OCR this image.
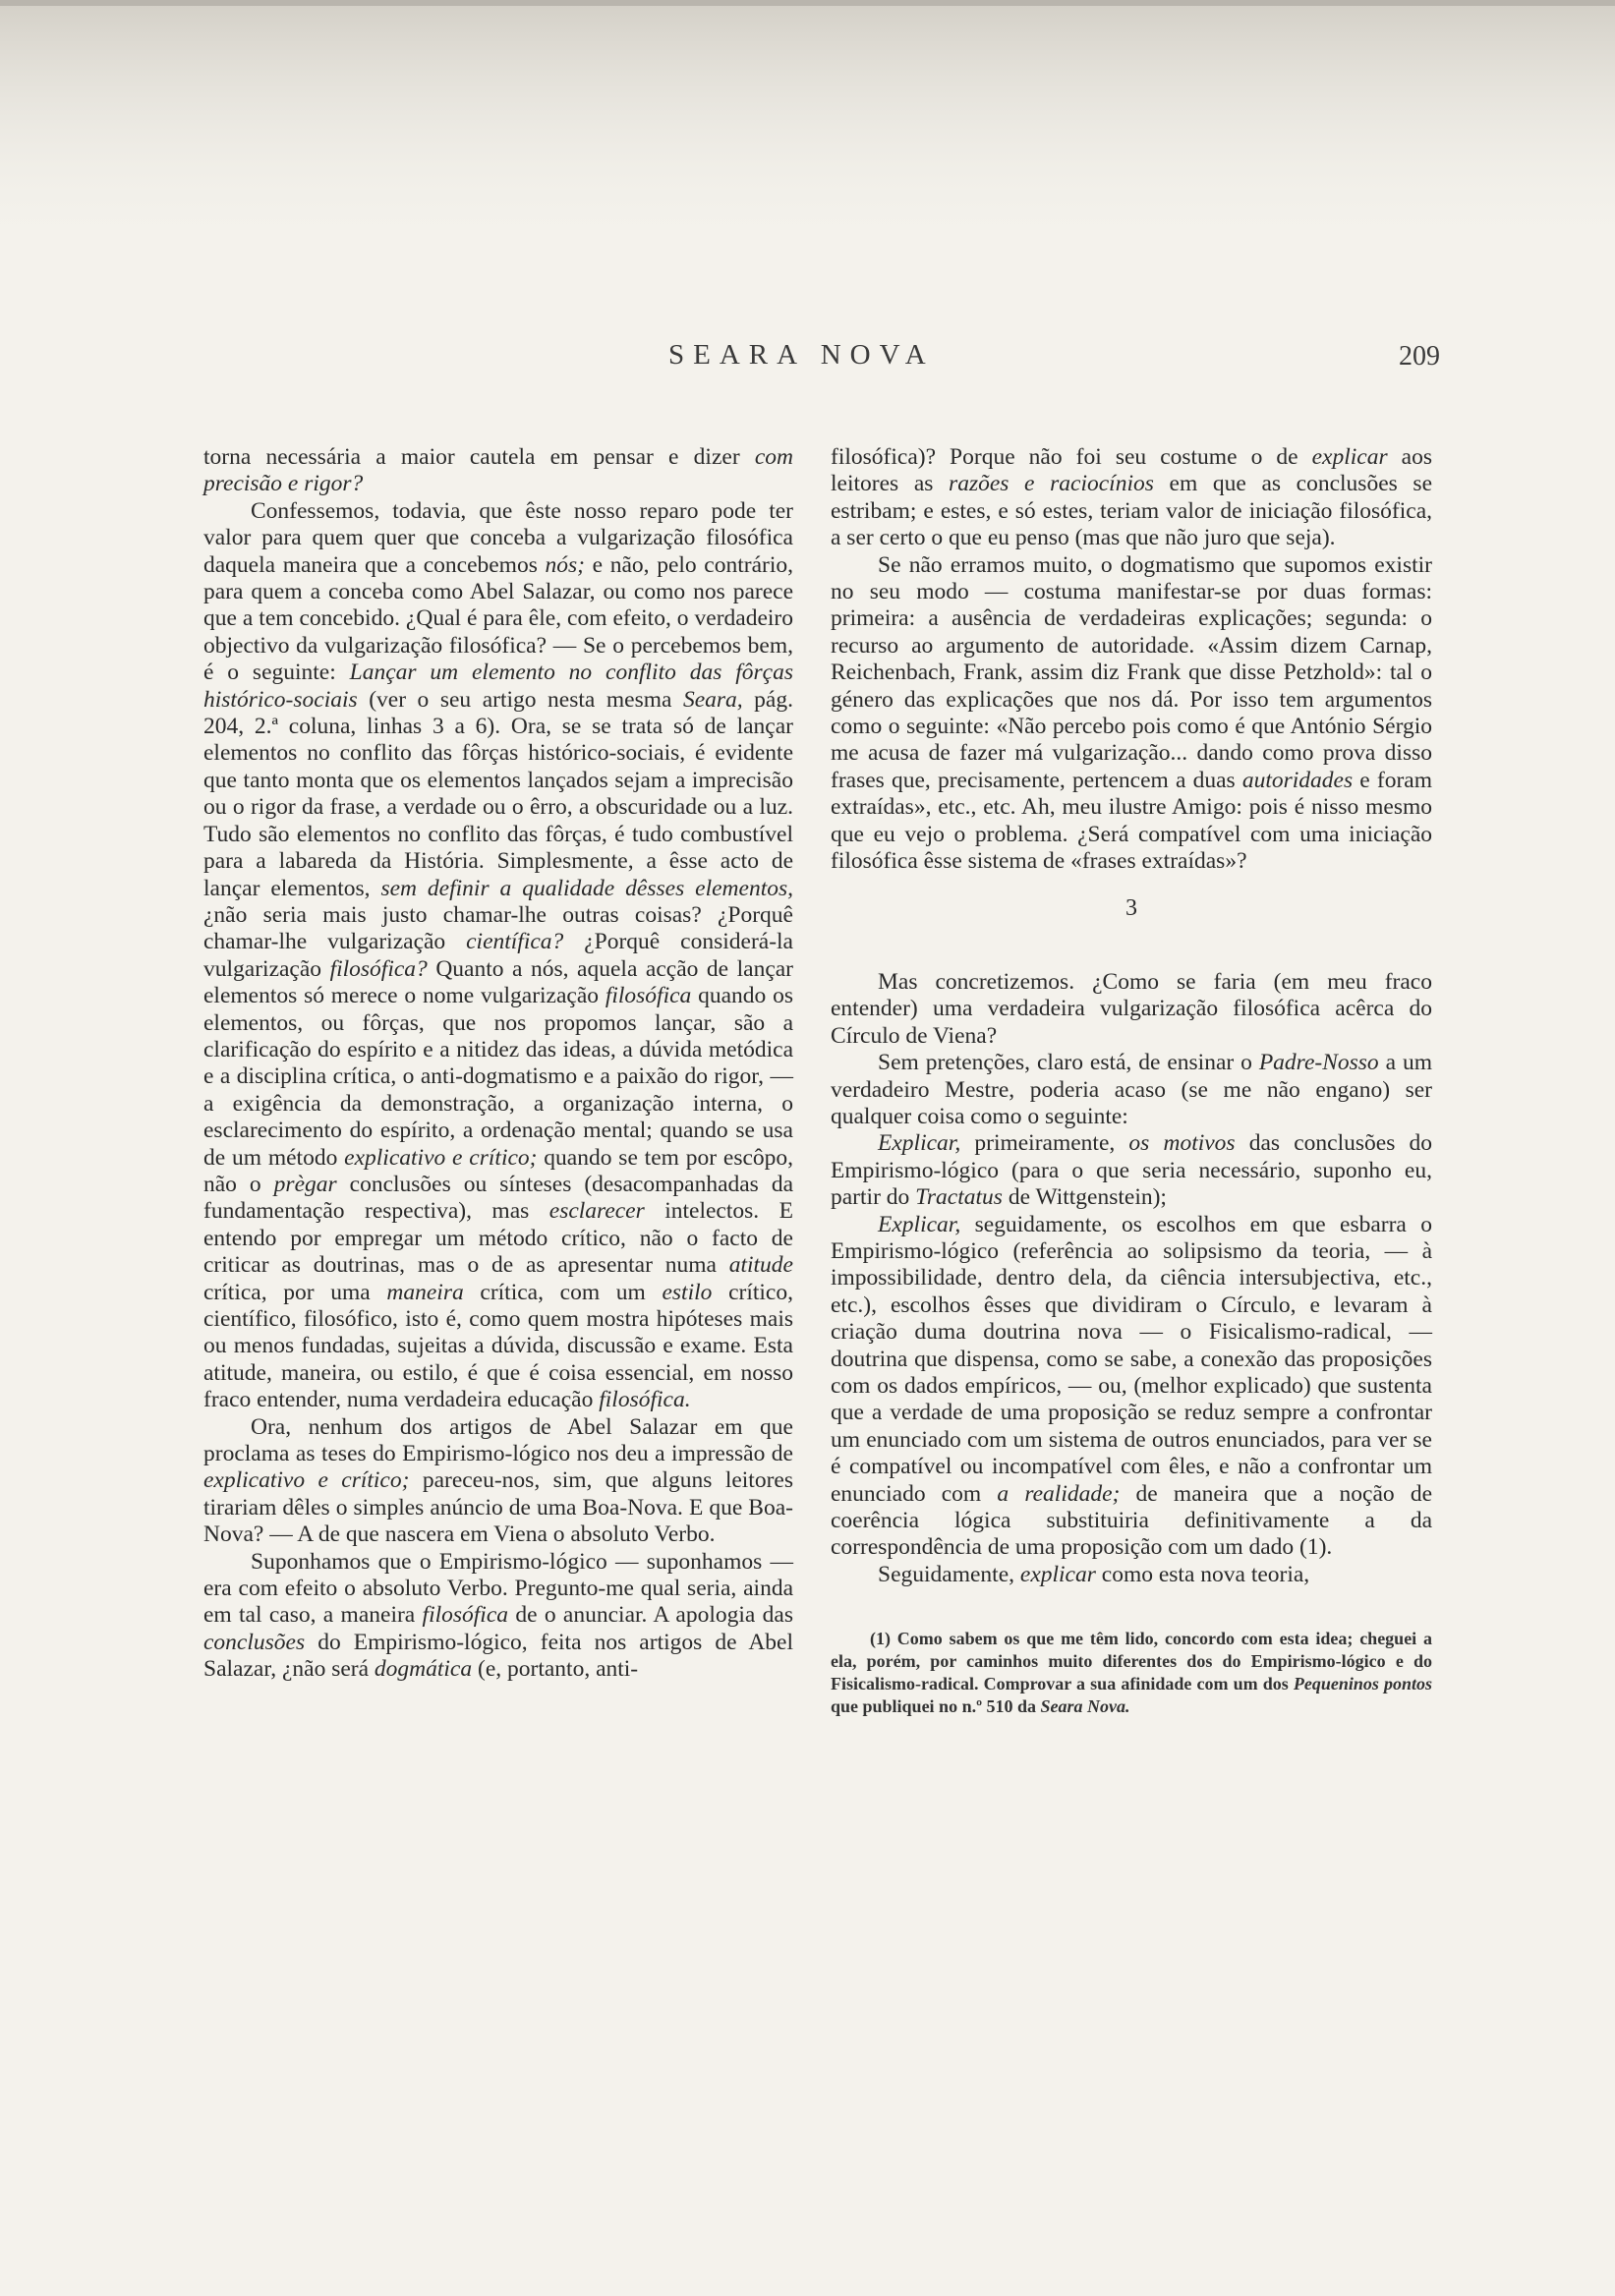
SEARA NOVA	209

torna necessária a maior cautela em pensar e dizer com precisão e rigor?

Confessemos, todavia, que êste nosso reparo pode ter valor para quem quer que conceba a vulgarização filosófica daquela maneira que a concebemos nós; e não, pelo contrário, para quem a conceba como Abel Salazar, ou como nos parece que a tem concebido. ¿Qual é para êle, com efeito, o verdadeiro objectivo da vulgarização filosófica? — Se o percebemos bem, é o seguinte: Lançar um elemento no conflito das fôrças histórico-sociais (ver o seu artigo nesta mesma Seara, pág. 204, 2.ª coluna, linhas 3 a 6). Ora, se se trata só de lançar elementos no conflito das fôrças histórico-sociais, é evidente que tanto monta que os elementos lançados sejam a imprecisão ou o rigor da frase, a verdade ou o êrro, a obscuridade ou a luz. Tudo são elementos no conflito das fôrças, é tudo combustível para a labareda da História. Simplesmente, a êsse acto de lançar elementos, sem definir a qualidade dêsses elementos, ¿não seria mais justo chamar-lhe outras coisas? ¿Porquê chamar-lhe vulgarização científica? ¿Porquê considerá-la vulgarização filosófica? Quanto a nós, aquela acção de lançar elementos só merece o nome vulgarização filosófica quando os elementos, ou fôrças, que nos propomos lançar, são a clarificação do espírito e a nitidez das ideas, a dúvida metódica e a disciplina crítica, o anti-dogmatismo e a paixão do rigor, — a exigência da demonstração, a organização interna, o esclarecimento do espírito, a ordenação mental; quando se usa de um método explicativo e crítico; quando se tem por escôpo, não o prègar conclusões ou sínteses (desacompanhadas da fundamentação respectiva), mas esclarecer intelectos. E entendo por empregar um método crítico, não o facto de criticar as doutrinas, mas o de as apresentar numa atitude crítica, por uma maneira crítica, com um estilo crítico, científico, filosófico, isto é, como quem mostra hipóteses mais ou menos fundadas, sujeitas a dúvida, discussão e exame. Esta atitude, maneira, ou estilo, é que é coisa essencial, em nosso fraco entender, numa verdadeira educação filosófica.

Ora, nenhum dos artigos de Abel Salazar em que proclama as teses do Empirismo-lógico nos deu a impressão de explicativo e crítico; pareceu-nos, sim, que alguns leitores tirariam dêles o simples anúncio de uma Boa-Nova. E que Boa-Nova? — A de que nascera em Viena o absoluto Verbo.

Suponhamos que o Empirismo-lógico — suponhamos — era com efeito o absoluto Verbo. Pregunto-me qual seria, ainda em tal caso, a maneira filosófica de o anunciar. A apologia das conclusões do Empirismo-lógico, feita nos artigos de Abel Salazar, ¿não será dogmática (e, portanto, anti-

filosófica)? Porque não foi seu costume o de explicar aos leitores as razões e raciocínios em que as conclusões se estribam; e estes, e só estes, teriam valor de iniciação filosófica, a ser certo o que eu penso (mas que não juro que seja).

Se não erramos muito, o dogmatismo que supomos existir no seu modo — costuma manifestar-se por duas formas: primeira: a ausência de verdadeiras explicações; segunda: o recurso ao argumento de autoridade. «Assim dizem Carnap, Reichenbach, Frank, assim diz Frank que disse Petzhold»: tal o género das explicações que nos dá. Por isso tem argumentos como o seguinte: «Não percebo pois como é que António Sérgio me acusa de fazer má vulgarização... dando como prova disso frases que, precisamente, pertencem a duas autoridades e foram extraídas», etc., etc. Ah, meu ilustre Amigo: pois é nisso mesmo que eu vejo o problema. ¿Será compatível com uma iniciação filosófica êsse sistema de «frases extraídas»?

3

Mas concretizemos. ¿Como se faria (em meu fraco entender) uma verdadeira vulgarização filosófica acêrca do Círculo de Viena?

Sem pretenções, claro está, de ensinar o Padre-Nosso a um verdadeiro Mestre, poderia acaso (se me não engano) ser qualquer coisa como o seguinte:

Explicar, primeiramente, os motivos das conclusões do Empirismo-lógico (para o que seria necessário, suponho eu, partir do Tractatus de Wittgenstein);

Explicar, seguidamente, os escolhos em que esbarra o Empirismo-lógico (referência ao solipsismo da teoria, — à impossibilidade, dentro dela, da ciência intersubjectiva, etc., etc.), escolhos êsses que dividiram o Círculo, e levaram à criação duma doutrina nova — o Fisicalismo-radical, — doutrina que dispensa, como se sabe, a conexão das proposições com os dados empíricos, — ou, (melhor explicado) que sustenta que a verdade de uma proposição se reduz sempre a confrontar um enunciado com um sistema de outros enunciados, para ver se é compatível ou incompatível com êles, e não a confrontar um enunciado com a realidade; de maneira que a noção de coerência lógica substituiria definitivamente a da correspondência de uma proposição com um dado (1).

Seguidamente, explicar como esta nova teoria,

(1) Como sabem os que me têm lido, concordo com esta idea; cheguei a ela, porém, por caminhos muito diferentes dos do Empirismo-lógico e do Fisicalismo-radical. Comprovar a sua afinidade com um dos Pequeninos pontos que publiquei no n.º 510 da Seara Nova.
